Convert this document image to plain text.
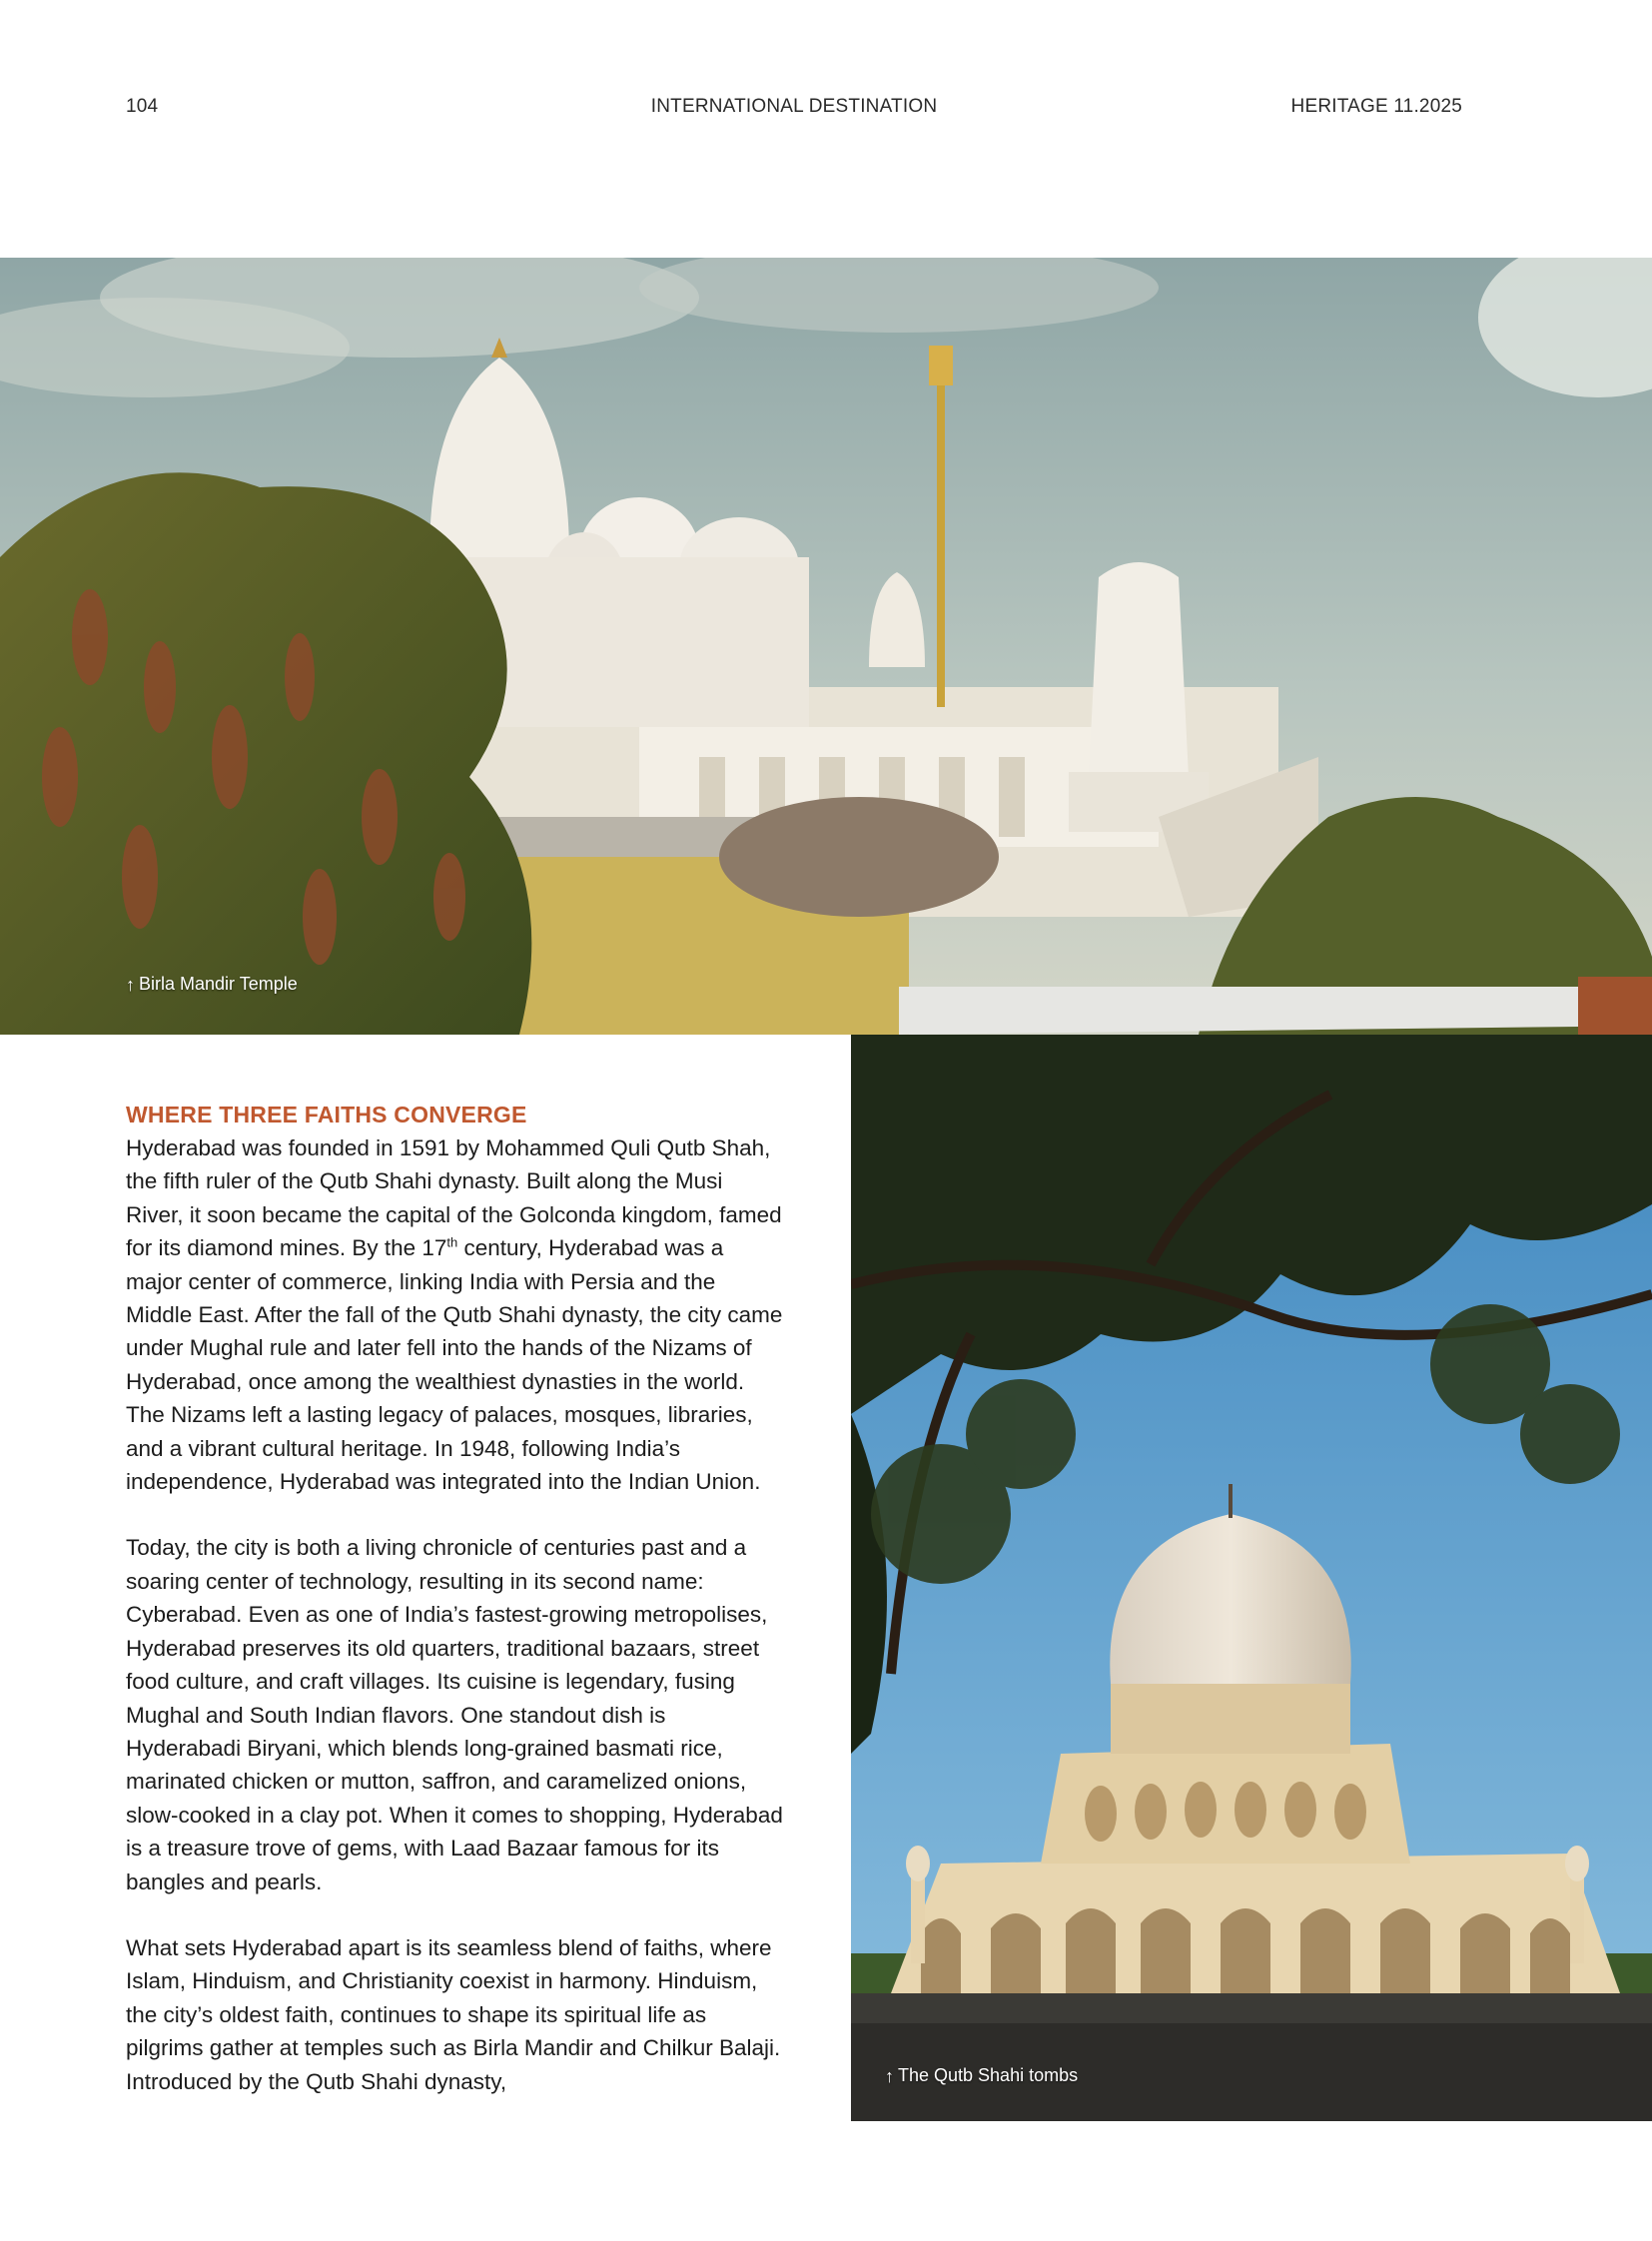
104	INTERNATIONAL DESTINATION	HERITAGE 11.2025
↑ Birla Mandir Temple
↑ The Qutb Shahi tombs
WHERE THREE FAITHS CONVERGE

Hyderabad was founded in 1591 by Mohammed Quli Qutb Shah, the fifth ruler of the Qutb Shahi dynasty. Built along the Musi River, it soon became the capital of the Golconda kingdom, famed for its diamond mines. By the 17th century, Hyderabad was a major center of commerce, linking India with Persia and the Middle East. After the fall of the Qutb Shahi dynasty, the city came under Mughal rule and later fell into the hands of the Nizams of Hyderabad, once among the wealthiest dynasties in the world. The Nizams left a lasting legacy of palaces, mosques, libraries, and a vibrant cultural heritage. In 1948, following India’s independence, Hyderabad was integrated into the Indian Union.

Today, the city is both a living chronicle of centuries past and a soaring center of technology, resulting in its second name: Cyberabad. Even as one of India’s fastest-growing metropolises, Hyderabad preserves its old quarters, traditional bazaars, street food culture, and craft villages. Its cuisine is legendary, fusing Mughal and South Indian flavors. One standout dish is Hyderabadi Biryani, which blends long-grained basmati rice, marinated chicken or mutton, saffron, and caramelized onions, slow-cooked in a clay pot. When it comes to shopping, Hyderabad is a treasure trove of gems, with Laad Bazaar famous for its bangles and pearls.

What sets Hyderabad apart is its seamless blend of faiths, where Islam, Hinduism, and Christianity coexist in harmony. Hinduism, the city’s oldest faith, continues to shape its spiritual life as pilgrims gather at temples such as Birla Mandir and Chilkur Balaji. Introduced by the Qutb Shahi dynasty,
